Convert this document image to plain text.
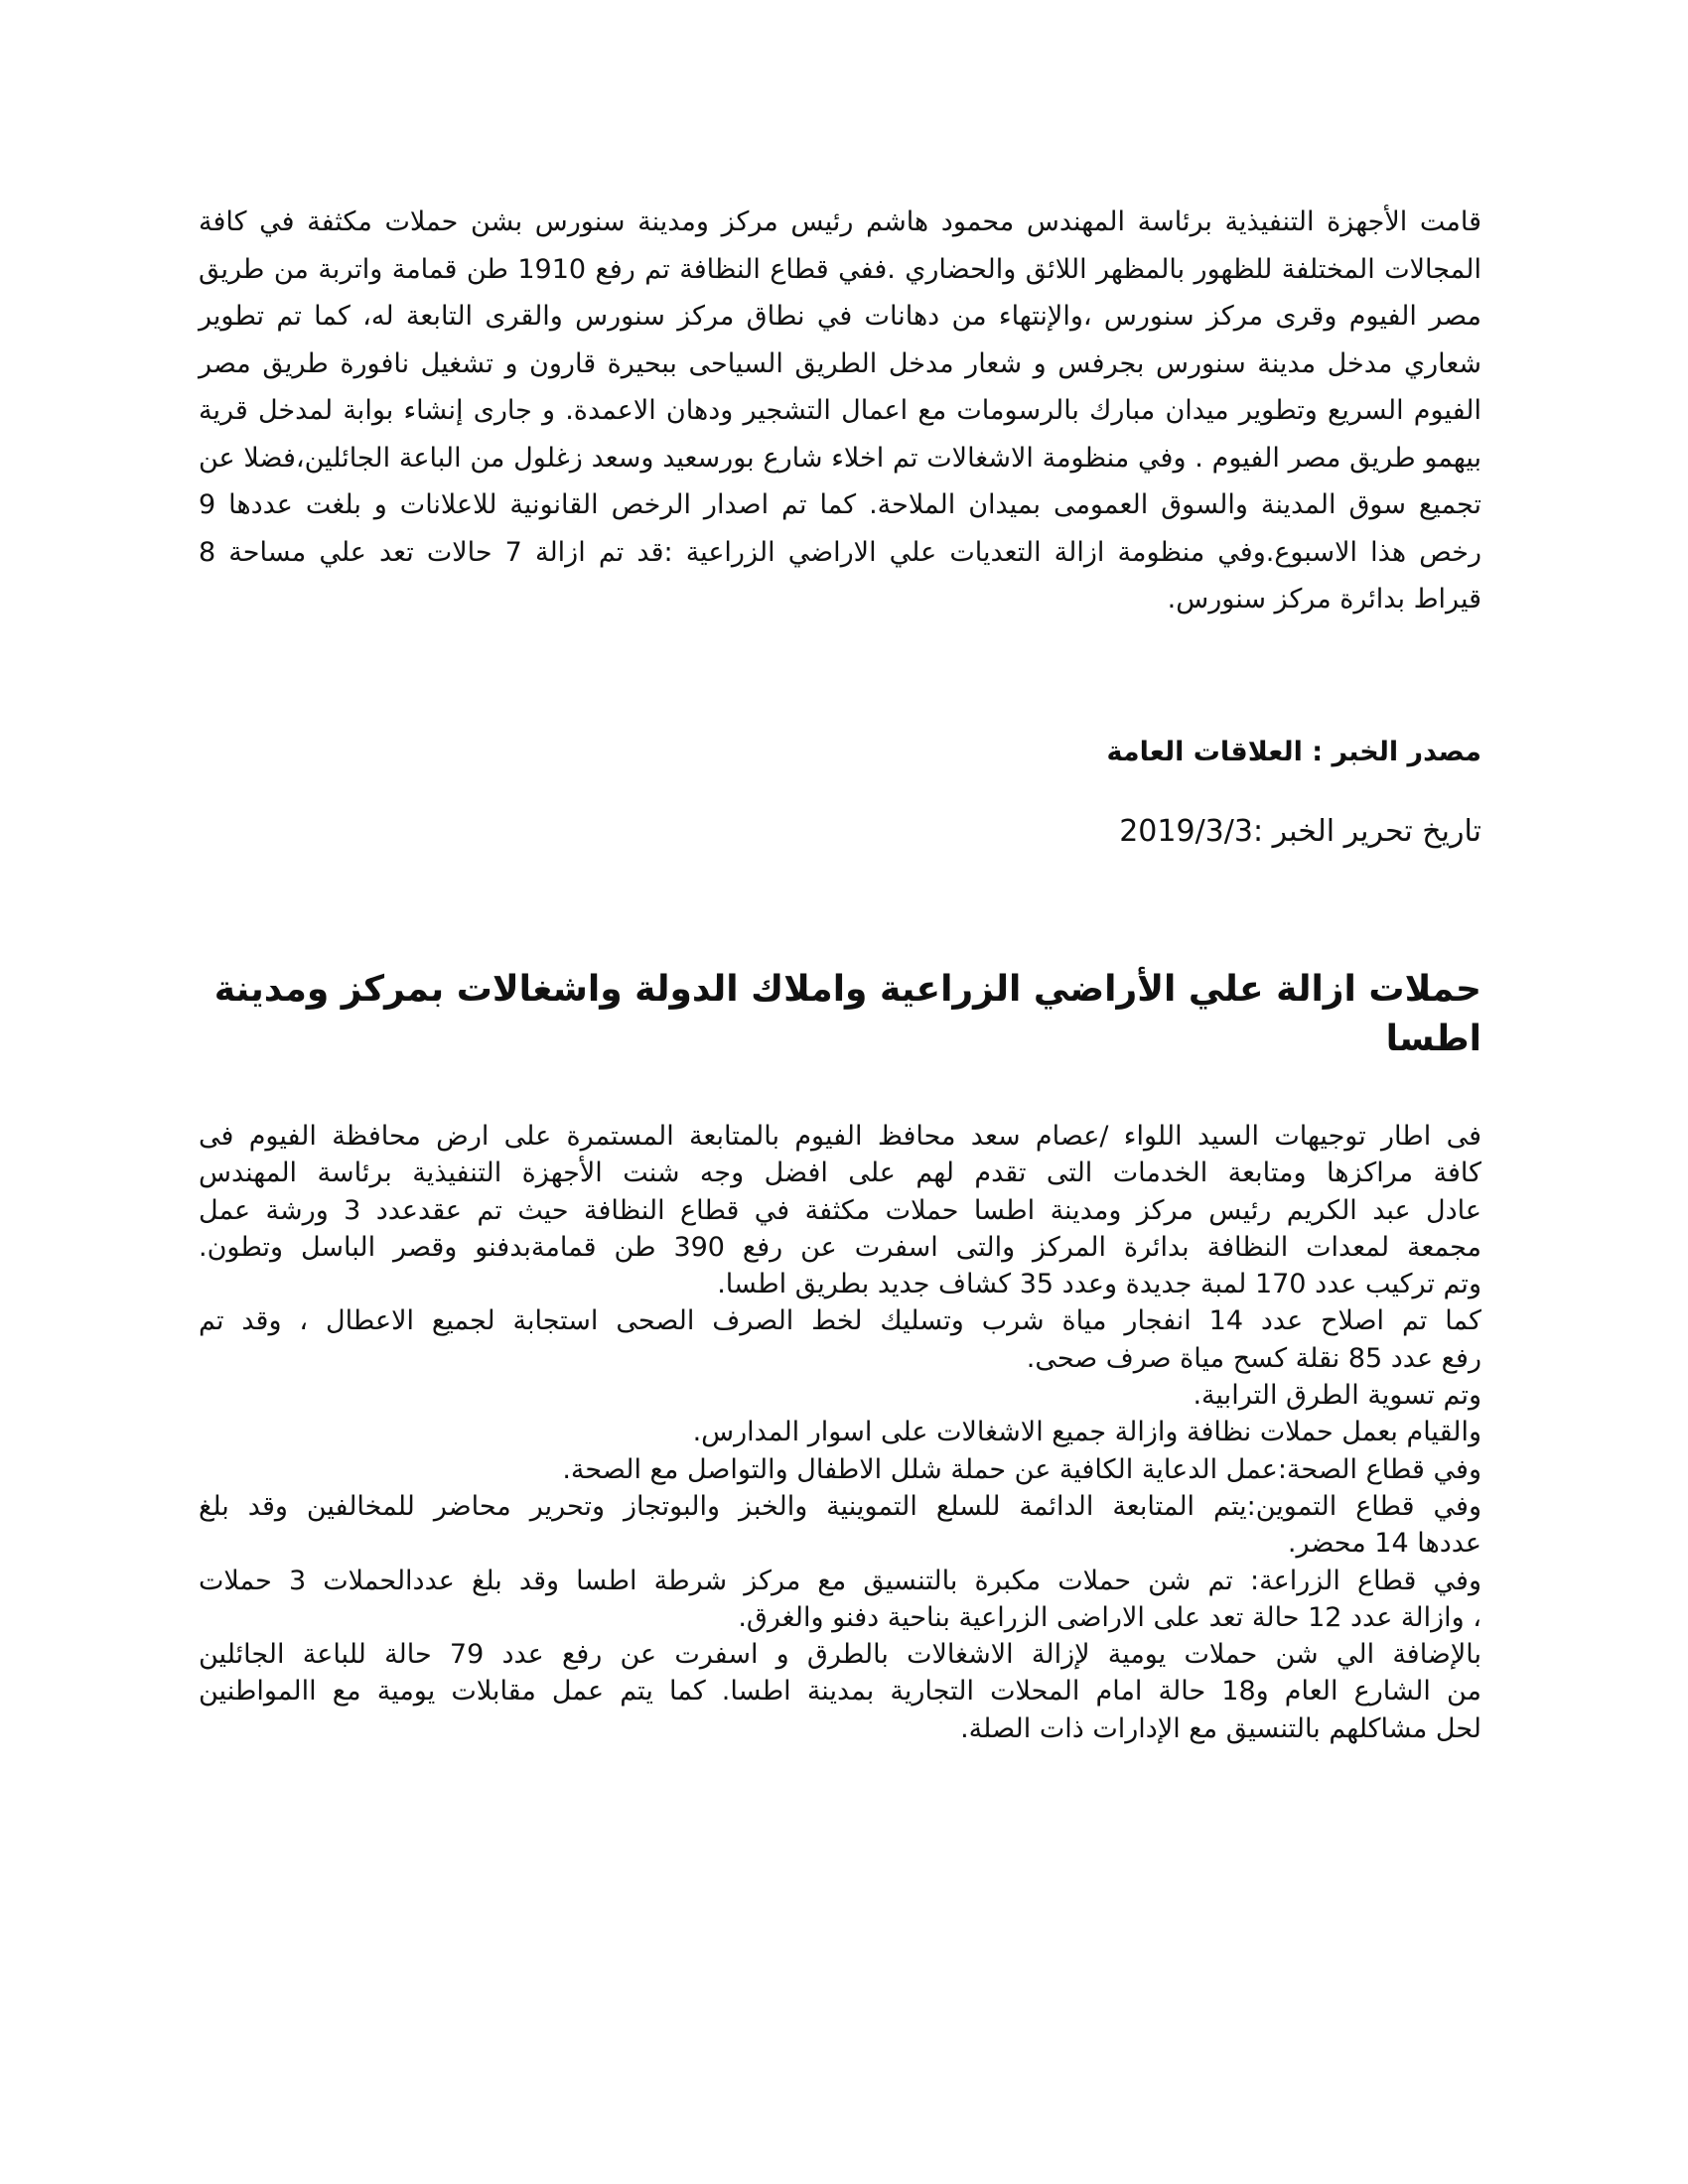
قامت الأجهزة التنفيذية برئاسة المهندس محمود هاشم رئيس مركز ومدينة سنورس بشن حملات مكثفة في كافة المجالات المختلفة للظهور بالمظهر اللائق والحضاري .ففي قطاع النظافة تم رفع 1910 طن قمامة واتربة من طريق مصر الفيوم وقرى مركز سنورس ،والإنتهاء من دهانات في نطاق مركز سنورس والقرى التابعة له، كما تم تطوير شعاري مدخل مدينة سنورس بجرفس و شعار مدخل الطريق السياحى ببحيرة قارون و تشغيل نافورة طريق مصر الفيوم السريع وتطوير ميدان مبارك بالرسومات مع اعمال التشجير ودهان الاعمدة. و جارى إنشاء بوابة لمدخل قرية بيهمو طريق مصر الفيوم . وفي منظومة الاشغالات تم اخلاء شارع بورسعيد وسعد زغلول من الباعة الجائلين،فضلا عن تجميع سوق المدينة والسوق العمومى بميدان الملاحة. كما تم اصدار الرخص القانونية للاعلانات و بلغت عددها 9 رخص هذا الاسبوع.وفي منظومة ازالة التعديات علي الاراضي الزراعية :قد تم ازالة 7 حالات تعد علي مساحة 8 قيراط بدائرة مركز سنورس.

مصدر الخبر : العلاقات العامة

تاريخ تحرير الخبر :2019/3/3

حملات ازالة علي الأراضي الزراعية واملاك الدولة واشغالات بمركز ومدينة اطسا
فى اطار توجيهات السيد اللواء /عصام سعد محافظ الفيوم بالمتابعة المستمرة على ارض محافظة الفيوم فى
كافة مراكزها ومتابعة الخدمات التى تقدم لهم على افضل وجه شنت الأجهزة التنفيذية برئاسة المهندس
عادل عبد الكريم رئيس مركز ومدينة اطسا حملات مكثفة في قطاع النظافة حيث تم عقدعدد 3 ورشة عمل
مجمعة لمعدات النظافة بدائرة المركز والتى اسفرت عن رفع 390 طن قمامةبدفنو وقصر الباسل وتطون.
وتم تركيب عدد 170 لمبة جديدة وعدد 35 كشاف جديد بطريق اطسا.
كما تم اصلاح عدد 14 انفجار مياة شرب وتسليك لخط الصرف الصحى استجابة لجميع الاعطال ، وقد تم
رفع عدد 85 نقلة كسح مياة صرف صحى.
وتم تسوية الطرق الترابية.
والقيام بعمل حملات نظافة وازالة جميع الاشغالات على اسوار المدارس.
وفي قطاع الصحة:عمل الدعاية الكافية عن حملة شلل الاطفال والتواصل مع الصحة.
وفي قطاع التموين:يتم المتابعة الدائمة للسلع التموينية والخبز والبوتجاز وتحرير محاضر للمخالفين وقد بلغ
عددها 14 محضر.
وفي قطاع الزراعة: تم شن حملات مكبرة بالتنسيق مع مركز شرطة اطسا وقد بلغ عددالحملات 3 حملات
، وازالة عدد 12 حالة تعد على الاراضى الزراعية بناحية دفنو والغرق.
بالإضافة الي شن حملات يومية لإزالة الاشغالات بالطرق و اسفرت عن رفع عدد 79 حالة للباعة الجائلين
من الشارع العام و18 حالة امام المحلات التجارية بمدينة اطسا. كما يتم عمل مقابلات يومية مع االمواطنين
لحل مشاكلهم بالتنسيق مع الإدارات ذات الصلة.
